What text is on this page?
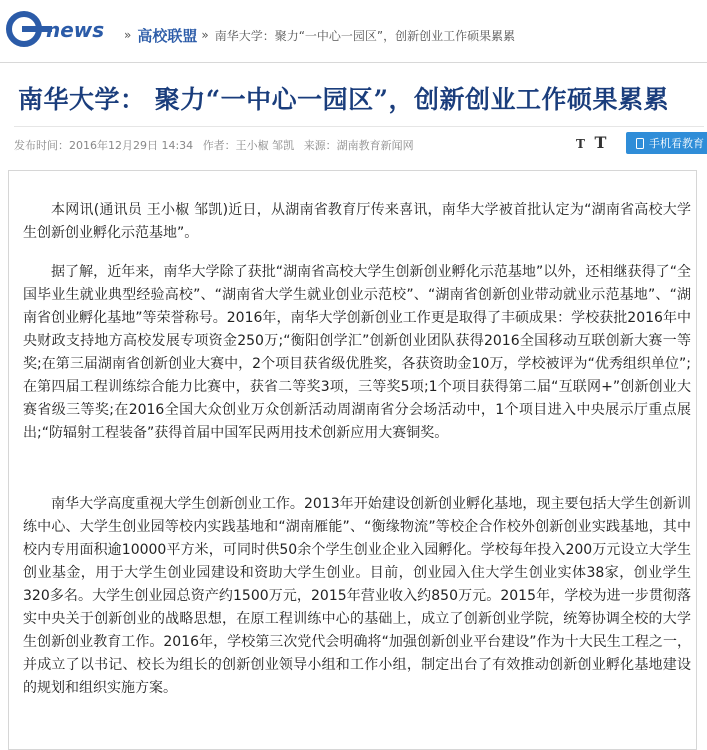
news » 高校联盟 » 南华大学：聚力“一中心一园区”，创新创业工作硕果累累
南华大学： 聚力“一中心一园区”，创新创业工作硕果累累
发布时间：2016年12月29日 14:34 作者：王小椒 邹凯 来源：湖南教育新闻网	T T	手机看教育

本网讯(通讯员 王小椒 邹凯)近日，从湖南省教育厅传来喜讯，南华大学被首批认定为“湖南省高校大学生创新创业孵化示范基地”。

据了解，近年来，南华大学除了获批“湖南省高校大学生创新创业孵化示范基地”以外，还相继获得了“全国毕业生就业典型经验高校”、“湖南省大学生就业创业示范校”、“湖南省创新创业带动就业示范基地”、“湖南省创业孵化基地”等荣誉称号。2016年，南华大学创新创业工作更是取得了丰硕成果：学校获批2016年中央财政支持地方高校发展专项资金250万;“衡阳创学汇”创新创业团队获得2016全国移动互联创新大赛一等奖;在第三届湖南省创新创业大赛中，2个项目获省级优胜奖，各获资助金10万，学校被评为“优秀组织单位”;在第四届工程训练综合能力比赛中，获省二等奖3项，三等奖5项;1个项目获得第二届“互联网+”创新创业大赛省级三等奖;在2016全国大众创业万众创新活动周湖南省分会场活动中，1个项目进入中央展示厅重点展出;“防辐射工程装备”获得首届中国军民两用技术创新应用大赛铜奖。

南华大学高度重视大学生创新创业工作。2013年开始建设创新创业孵化基地，现主要包括大学生创新训练中心、大学生创业园等校内实践基地和“湖南雁能”、“衡缘物流”等校企合作校外创新创业实践基地，其中校内专用面积逾10000平方米，可同时供50余个学生创业企业入园孵化。学校每年投入200万元设立大学生创业基金，用于大学生创业园建设和资助大学生创业。目前，创业园入住大学生创业实体38家，创业学生320多名。大学生创业园总资产约1500万元，2015年营业收入约850万元。2015年，学校为进一步贯彻落实中央关于创新创业的战略思想，在原工程训练中心的基础上，成立了创新创业学院，统筹协调全校的大学生创新创业教育工作。2016年，学校第三次党代会明确将“加强创新创业平台建设”作为十大民生工程之一，并成立了以书记、校长为组长的创新创业领导小组和工作小组，制定出台了有效推动创新创业孵化基地建设的规划和组织实施方案。
